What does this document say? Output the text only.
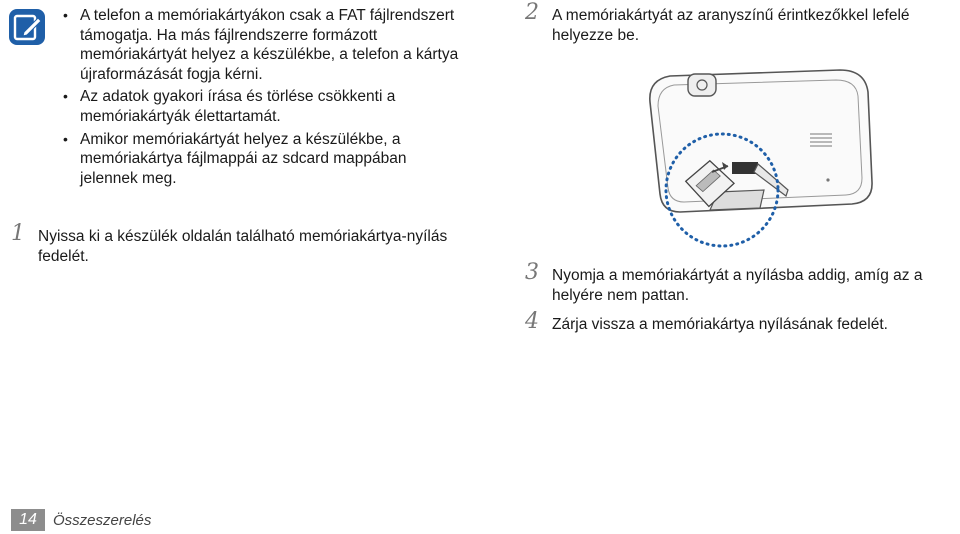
• A telefon a memóriakártyákon csak a FAT fájlrendszert támogatja. Ha más fájlrendszerre formázott memóriakártyát helyez a készülékbe, a telefon a kártya újraformázását fogja kérni.
• Az adatok gyakori írása és törlése csökkenti a memóriakártyák élettartamát.
• Amikor memóriakártyát helyez a készülékbe, a memóriakártya fájlmappái az sdcard mappában jelennek meg.
1 Nyissa ki a készülék oldalán található memóriakártya-nyílás fedelét.
2 A memóriakártyát az aranyszínű érintkezőkkel lefelé helyezze be.
3 Nyomja a memóriakártyát a nyílásba addig, amíg az a helyére nem pattan.
4 Zárja vissza a memóriakártya nyílásának fedelét.
14	Összeszerelés
